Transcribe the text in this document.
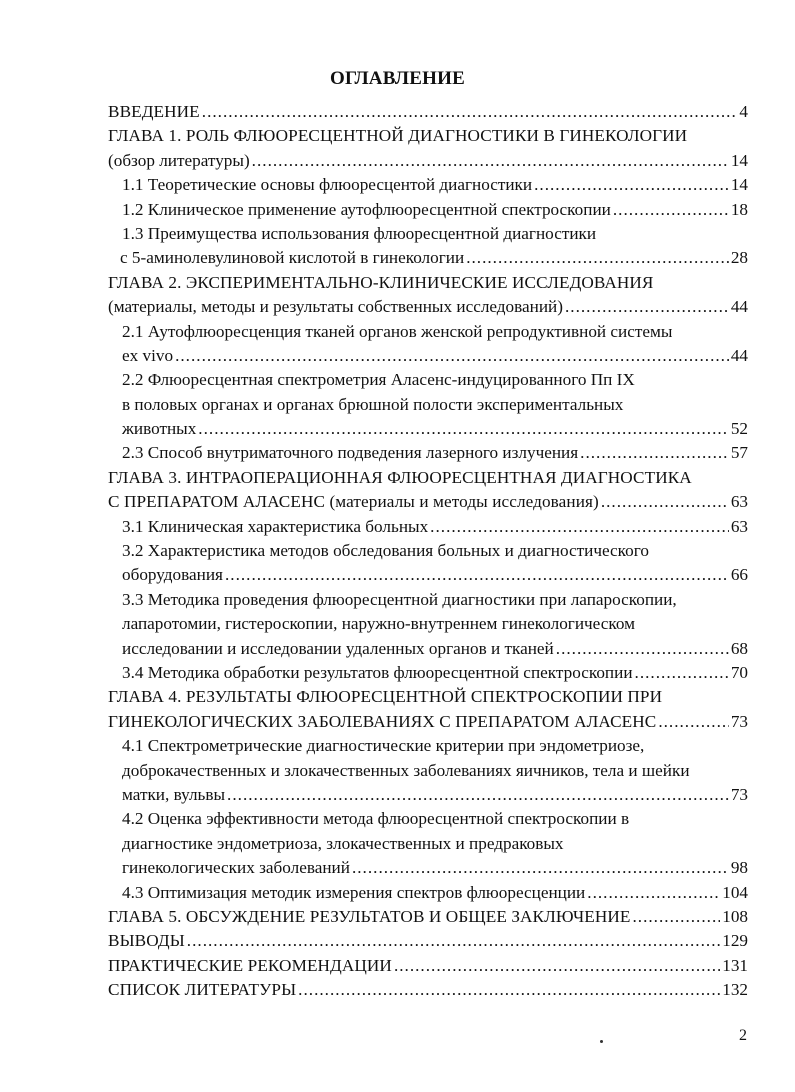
ОГЛАВЛЕНИЕ
ВВЕДЕНИЕ .....	4
ГЛАВА 1. РОЛЬ ФЛЮОРЕСЦЕНТНОЙ ДИАГНОСТИКИ В ГИНЕКОЛОГИИ
(обзор литературы) .....	14
1.1 Теоретические основы флюоресцентой диагностики .....	14
1.2 Клиническое применение аутофлюоресцентной спектроскопии .....	18
1.3 Преимущества использования флюоресцентной диагностики
с 5-аминолевулиновой кислотой в гинекологии .....	28
ГЛАВА 2. ЭКСПЕРИМЕНТАЛЬНО-КЛИНИЧЕСКИЕ ИССЛЕДОВАНИЯ
(материалы, методы и результаты собственных исследований) .....	44
2.1 Аутофлюоресценция тканей органов женской репродуктивной системы
ex vivo .....	44
2.2 Флюоресцентная спектрометрия Аласенс-индуцированного Пп IX
в половых органах и органах брюшной полости экспериментальных
животных .....	52
2.3 Способ внутриматочного подведения лазерного излучения .....	57
ГЛАВА 3. ИНТРАОПЕРАЦИОННАЯ ФЛЮОРЕСЦЕНТНАЯ ДИАГНОСТИКА
С ПРЕПАРАТОМ АЛАСЕНС (материалы и методы исследования) .....	63
3.1 Клиническая характеристика больных .....	63
3.2 Характеристика методов обследования больных и диагностического
оборудования .....	66
3.3 Методика проведения флюоресцентной диагностики при лапароскопии,
лапаротомии, гистероскопии, наружно-внутреннем гинекологическом
исследовании и исследовании удаленных органов и тканей .....	68
3.4 Методика обработки результатов флюоресцентной спектроскопии .....	70
ГЛАВА 4. РЕЗУЛЬТАТЫ ФЛЮОРЕСЦЕНТНОЙ СПЕКТРОСКОПИИ ПРИ
ГИНЕКОЛОГИЧЕСКИХ ЗАБОЛЕВАНИЯХ С ПРЕПАРАТОМ АЛАСЕНС .....	73
4.1 Спектрометрические диагностические критерии при эндометриозе,
доброкачественных и злокачественных заболеваниях яичников, тела и шейки
матки, вульвы .....	73
4.2 Оценка эффективности метода флюоресцентной спектроскопии в
диагностике эндометриоза, злокачественных и предраковых
гинекологических заболеваний .....	98
4.3 Оптимизация методик измерения спектров флюоресценции .....	104
ГЛАВА 5. ОБСУЖДЕНИЕ РЕЗУЛЬТАТОВ И ОБЩЕЕ ЗАКЛЮЧЕНИЕ .....	108
ВЫВОДЫ .....	129
ПРАКТИЧЕСКИЕ РЕКОМЕНДАЦИИ .....	131
СПИСОК ЛИТЕРАТУРЫ .....	132
2
